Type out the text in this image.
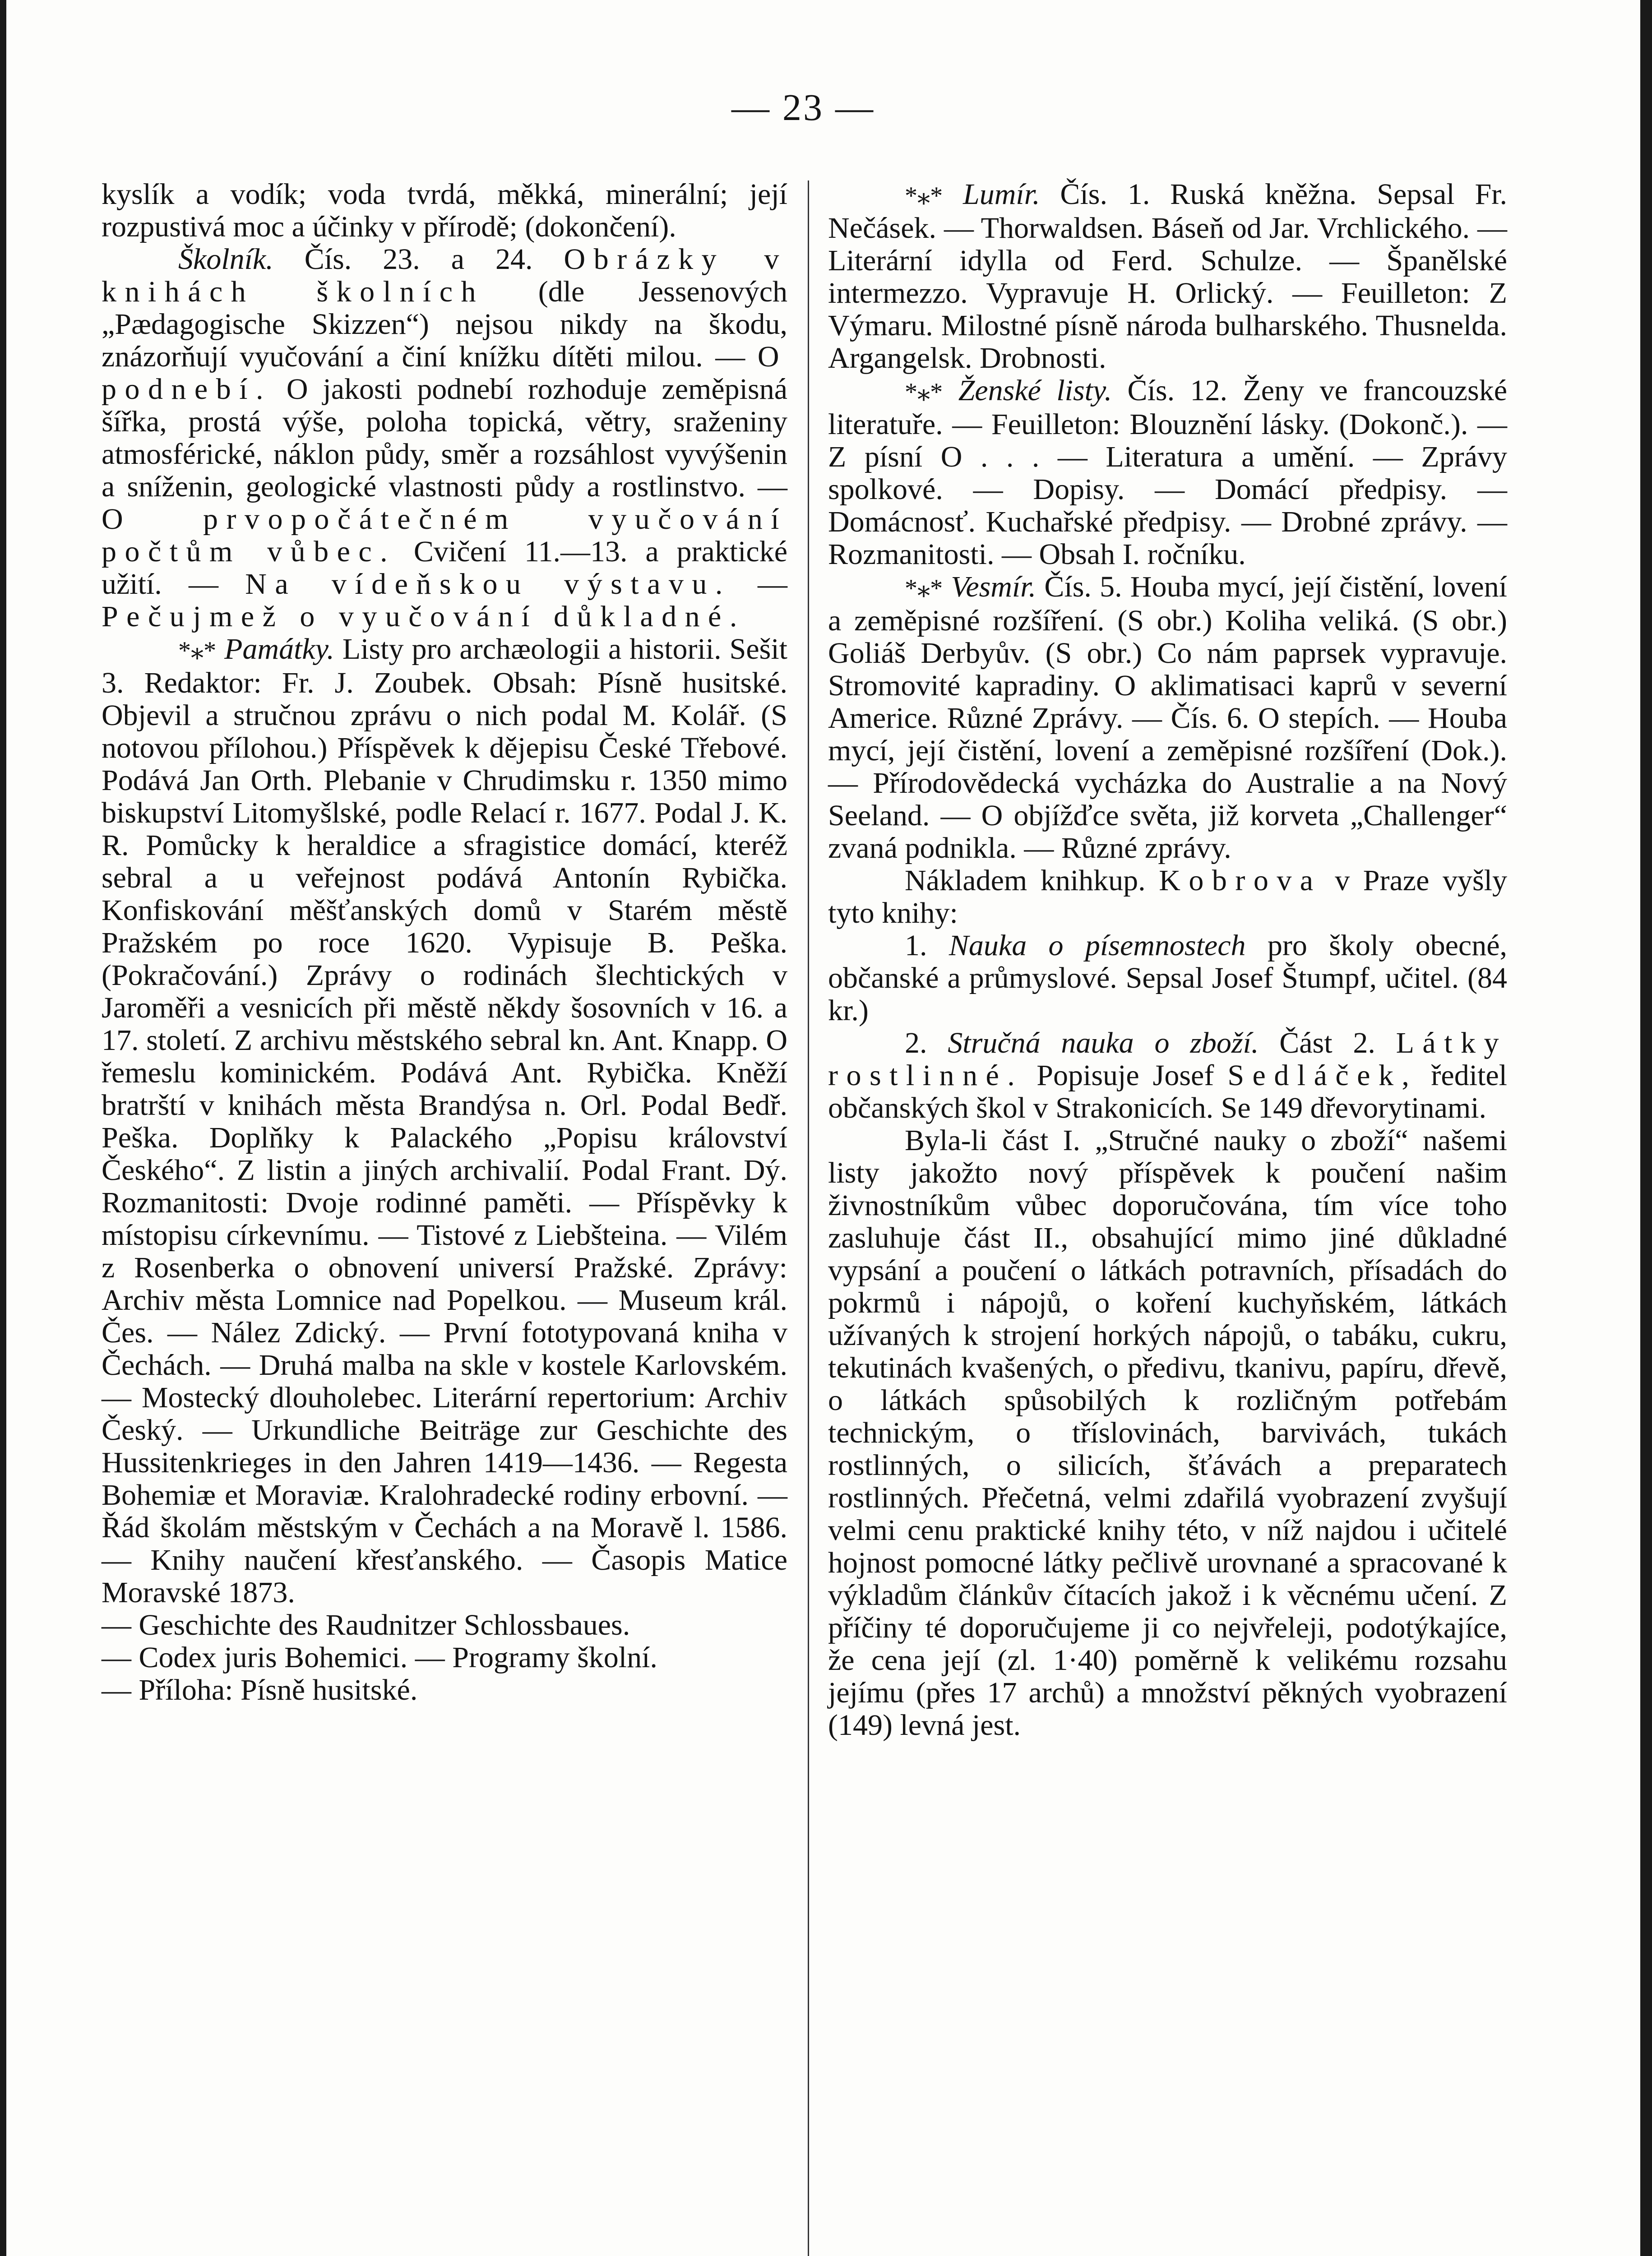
— 23 —

kyslík a vodík; voda tvrdá, měkká, minerální; její rozpustivá moc a účinky v přírodě; (dokončení).

Školník. Čís. 23. a 24. Obrázky v knihách školních (dle Jessenových „Pædagogische Skizzen“) nejsou nikdy na škodu, znázorňují vyučování a činí knížku dítěti milou. — O podnebí. O jakosti podnebí rozhoduje zeměpisná šířka, prostá výše, poloha topická, větry, sraženiny atmosférické, náklon půdy, směr a rozsáhlost vyvýšenin a sníženin, geologické vlastnosti půdy a rostlinstvo. — O prvopočátečném vyučování počtům vůbec. Cvičení 11.—13. a praktické užití. — Na vídeňskou výstavu. — Pečujmež o vyučování důkladné.

*⁎* Památky. Listy pro archæologii a historii. Sešit 3. Redaktor: Fr. J. Zoubek. Obsah: Písně husitské. Objevil a stručnou zprávu o nich podal M. Kolář. (S notovou přílohou.) Příspěvek k dějepisu České Třebové. Podává Jan Orth. Plebanie v Chrudimsku r. 1350 mimo biskupství Litomyšlské, podle Relací r. 1677. Podal J. K. R. Pomůcky k heraldice a sfragistice domácí, kteréž sebral a u veřejnost podává Antonín Rybička. Konfiskování měšťanských domů v Starém městě Pražském po roce 1620. Vypisuje B. Peška. (Pokračování.) Zprávy o rodinách šlechtických v Jaroměři a vesnicích při městě někdy šosovních v 16. a 17. století. Z archivu městského sebral kn. Ant. Knapp. O řemeslu kominickém. Podává Ant. Rybička. Kněží bratrští v knihách města Brandýsa n. Orl. Podal Bedř. Peška. Doplňky k Palackého „Popisu království Českého“. Z listin a jiných archivalií. Podal Frant. Dý. Rozmanitosti: Dvoje rodinné paměti. — Příspěvky k místopisu církevnímu. — Tistové z Liebšteina. — Vilém z Rosenberka o obnovení universí Pražské. Zprávy: Archiv města Lomnice nad Popelkou. — Museum král. Čes. — Nález Zdický. — První fototypovaná kniha v Čechách. — Druhá malba na skle v kostele Karlovském. — Mostecký dlouholebec. Literární repertorium: Archiv Český. — Urkundliche Beiträge zur Geschichte des Hussitenkrieges in den Jahren 1419—1436. — Regesta Bohemiæ et Moraviæ. Kralohradecké rodiny erbovní. — Řád školám městským v Čechách a na Moravě l. 1586. — Knihy naučení křesťanského. — Časopis Matice Moravské 1873.

— Geschichte des Raudnitzer Schlossbaues.
— Codex juris Bohemici. — Programy školní.
— Příloha: Písně husitské.

*⁎* Lumír. Čís. 1. Ruská kněžna. Sepsal Fr. Nečásek. — Thorwaldsen. Báseň od Jar. Vrchlického. — Literární idylla od Ferd. Schulze. — Španělské intermezzo. Vypravuje H. Orlický. — Feuilleton: Z Výmaru. Milostné písně národa bulharského. Thusnelda. Argangelsk. Drobnosti.

*⁎* Ženské listy. Čís. 12. Ženy ve francouzské literatuře. — Feuilleton: Blouznění lásky. (Dokonč.). — Z písní O . . . — Literatura a umění. — Zprávy spolkové. — Dopisy. — Domácí předpisy. — Domácnosť. Kuchařské předpisy. — Drobné zprávy. — Rozmanitosti. — Obsah I. ročníku.

*⁎* Vesmír. Čís. 5. Houba mycí, její čistění, lovení a zeměpisné rozšíření. (S obr.) Koliha veliká. (S obr.) Goliáš Derbyův. (S obr.) Co nám paprsek vypravuje. Stromovité kapradiny. O aklimatisaci kaprů v severní Americe. Různé Zprávy. — Čís. 6. O stepích. — Houba mycí, její čistění, lovení a zeměpisné rozšíření (Dok.). — Přírodovědecká vycházka do Australie a na Nový Seeland. — O objížďce světa, již korveta „Challenger“ zvaná podnikla. — Různé zprávy.

Nákladem knihkup. Kobrova v Praze vyšly tyto knihy:

1. Nauka o písemnostech pro školy obecné, občanské a průmyslové. Sepsal Josef Štumpf, učitel. (84 kr.)

2. Stručná nauka o zboží. Část 2. Látky rostlinné. Popisuje Josef Sedláček, ředitel občanských škol v Strakonicích. Se 149 dřevorytinami.

Byla-li část I. „Stručné nauky o zboží“ našemi listy jakožto nový příspěvek k poučení našim živnostníkům vůbec doporučována, tím více toho zasluhuje část II., obsahující mimo jiné důkladné vypsání a poučení o látkách potravních, přísadách do pokrmů i nápojů, o koření kuchyňském, látkách užívaných k strojení horkých nápojů, o tabáku, cukru, tekutinách kvašených, o předivu, tkanivu, papíru, dřevě, o látkách spůsobilých k rozličným potřebám technickým, o tříslovinách, barvivách, tukách rostlinných, o silicích, šťávách a preparatech rostlinných. Přečetná, velmi zdařilá vyobrazení zvyšují velmi cenu praktické knihy této, v níž najdou i učitelé hojnost pomocné látky pečlivě urovnané a spracované k výkladům článkův čítacích jakož i k věcnému učení. Z příčiny té doporučujeme ji co nejvřeleji, podotýkajíce, že cena její (zl. 1·40) poměrně k velikému rozsahu jejímu (přes 17 archů) a množství pěkných vyobrazení (149) levná jest.
